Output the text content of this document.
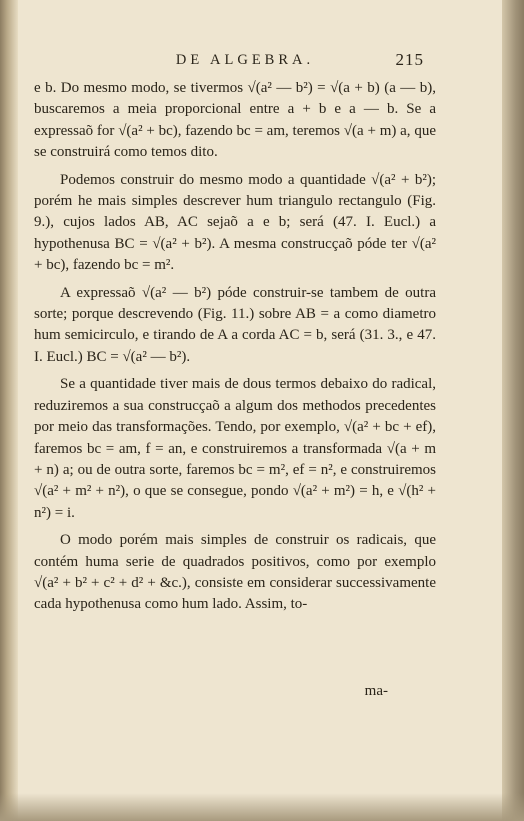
DE ALGEBRA.	215

e b. Do mesmo modo, se tivermos √(a² — b²) = √(a + b) (a — b), buscaremos a meia proporcional entre a + b e a — b. Se a expressaõ for √(a² + bc), fazendo bc = am, teremos √(a + m) a, que se construirá como temos dito.

Podemos construir do mesmo modo a quantidade √(a² + b²); porém he mais simples descrever hum triangulo rectangulo (Fig. 9.), cujos lados AB, AC sejaõ a e b; será (47. I. Eucl.) a hypothenusa BC = √(a² + b²). A mesma construcçaõ póde ter √(a² + bc), fazendo bc = m².

A expressaõ √(a² — b²) póde construir-se tambem de outra sorte; porque descrevendo (Fig. 11.) sobre AB = a como diametro hum semicirculo, e tirando de A a corda AC = b, será (31. 3., e 47. I. Eucl.) BC = √(a² — b²).

Se a quantidade tiver mais de dous termos debaixo do radical, reduziremos a sua construcçaõ a algum dos methodos precedentes por meio das transformações. Tendo, por exemplo, √(a² + bc + ef), faremos bc = am, f = an, e construiremos a transformada √(a + m + n) a; ou de outra sorte, faremos bc = m², ef = n², e construiremos √(a² + m² + n²), o que se consegue, pondo √(a² + m²) = h, e √(h² + n²) = i.

O modo porém mais simples de construir os radicais, que contém huma serie de quadrados positivos, como por exemplo √(a² + b² + c² + d² + &c.), consiste em considerar successivamente cada hypothenusa como hum lado. Assim, to-

ma-
